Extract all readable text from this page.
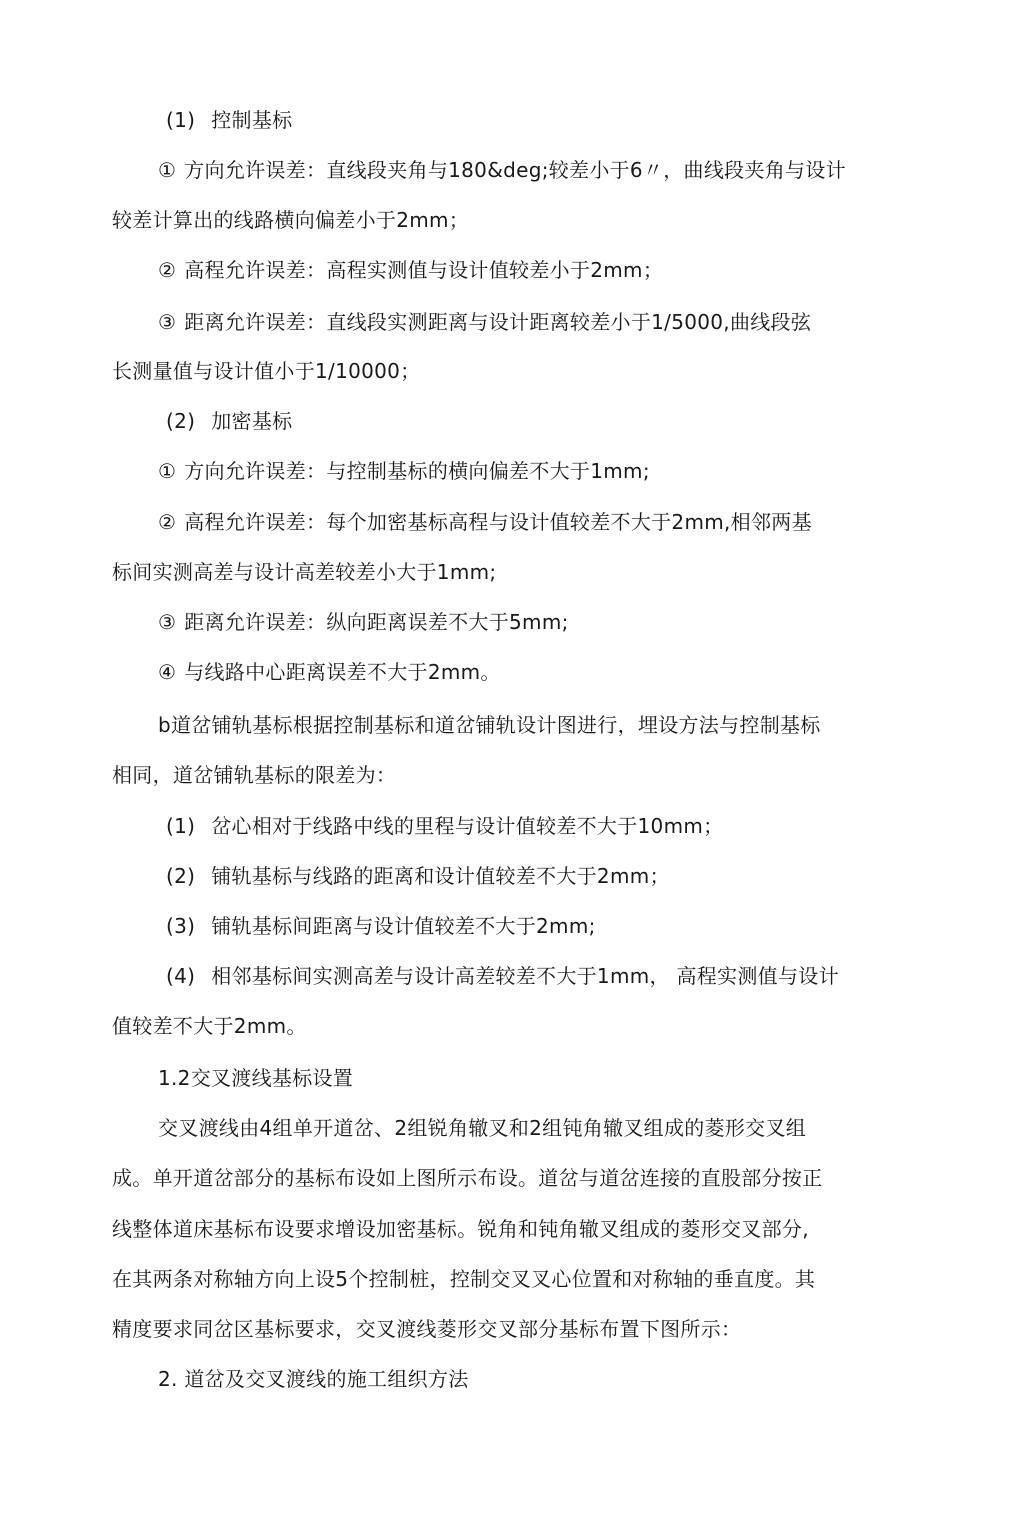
(1) 控制基标
① 方向允许误差：直线段夹角与180&deg;较差小于6〃，曲线段夹角与设计
较差计算出的线路横向偏差小于2mm；
② 高程允许误差：高程实测值与设计值较差小于2mm；
③ 距离允许误差：直线段实测距离与设计距离较差小于1/5000,曲线段弦
长测量值与设计值小于1/10000；
(2) 加密基标
① 方向允许误差：与控制基标的横向偏差不大于1mm;
② 高程允许误差：每个加密基标高程与设计值较差不大于2mm,相邻两基
标间实测高差与设计高差较差小大于1mm;
③ 距离允许误差：纵向距离误差不大于5mm;
④ 与线路中心距离误差不大于2mm。
b道岔铺轨基标根据控制基标和道岔铺轨设计图进行，埋设方法与控制基标
相同，道岔铺轨基标的限差为：
(1) 岔心相对于线路中线的里程与设计值较差不大于10mm；
(2) 铺轨基标与线路的距离和设计值较差不大于2mm；
(3) 铺轨基标间距离与设计值较差不大于2mm;
(4) 相邻基标间实测高差与设计高差较差不大于1mm， 高程实测值与设计
值较差不大于2mm。
1.2交叉渡线基标设置
交叉渡线由4组单开道岔、2组锐角辙叉和2组钝角辙叉组成的菱形交叉组
成。单开道岔部分的基标布设如上图所示布设。道岔与道岔连接的直股部分按正
线整体道床基标布设要求增设加密基标。锐角和钝角辙叉组成的菱形交叉部分,
在其两条对称轴方向上设5个控制桩，控制交叉叉心位置和对称轴的垂直度。其
精度要求同岔区基标要求，交叉渡线菱形交叉部分基标布置下图所示：
2. 道岔及交叉渡线的施工组织方法
